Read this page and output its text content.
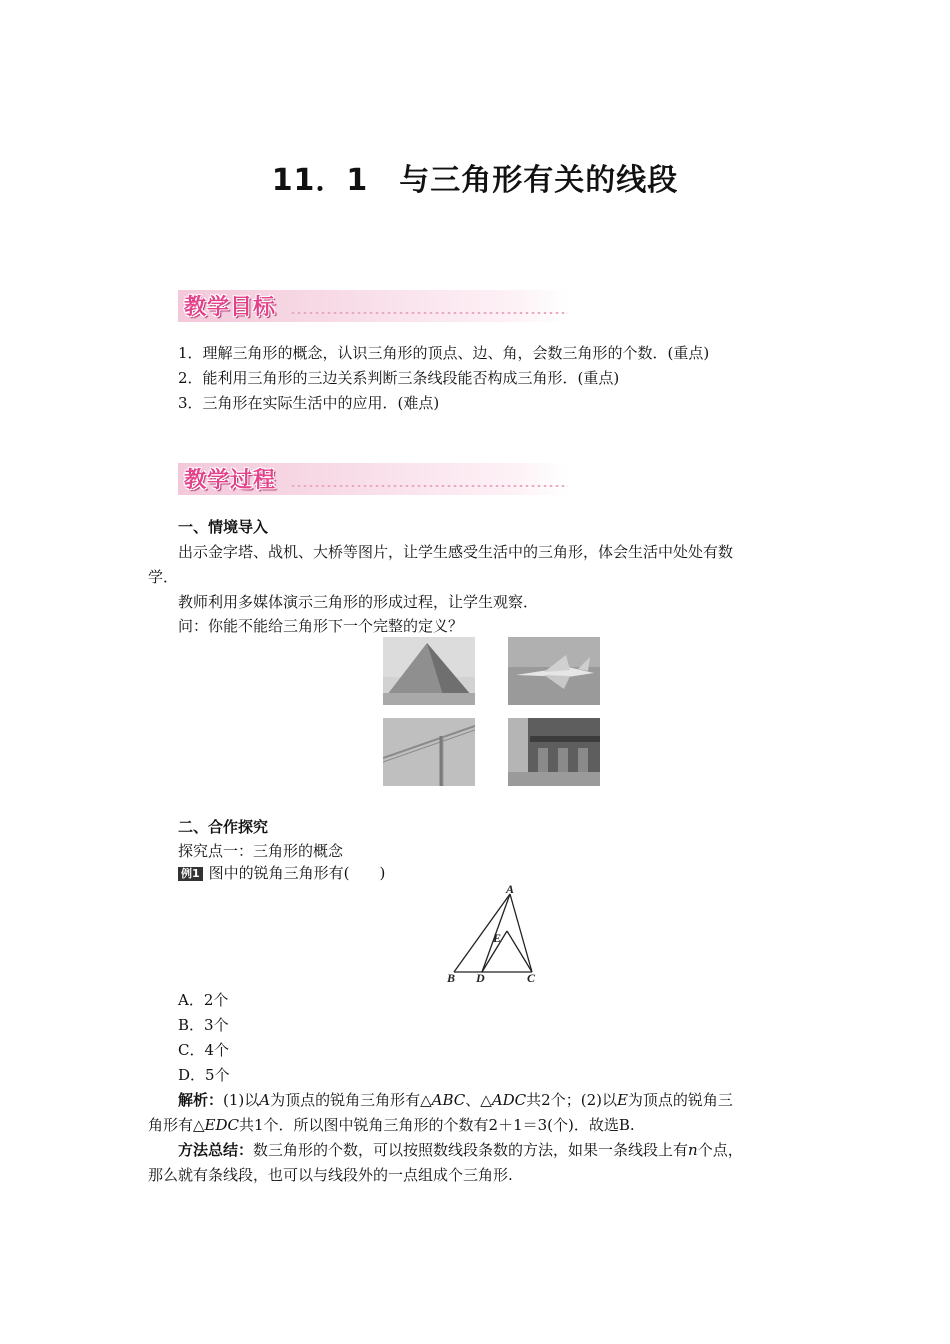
11．1　与三角形有关的线段
教学目标
1．理解三角形的概念，认识三角形的顶点、边、角，会数三角形的个数．(重点)
2．能利用三角形的三边关系判断三条线段能否构成三角形．(重点)
3．三角形在实际生活中的应用．(难点)
教学过程
一、情境导入
出示金字塔、战机、大桥等图片，让学生感受生活中的三角形，体会生活中处处有数
学．
教师利用多媒体演示三角形的形成过程，让学生观察．
问：你能不能给三角形下一个完整的定义？
二、合作探究
探究点一：三角形的概念
例1 图中的锐角三角形有(　　)
A
B D	C
E
A．2个
B．3个
C．4个
D．5个
解析：(1)以A为顶点的锐角三角形有△ABC、△ADC共2个；(2)以E为顶点的锐角三
角形有△EDC共1个．所以图中锐角三角形的个数有2＋1＝3(个)．故选B.
方法总结：数三角形的个数，可以按照数线段条数的方法，如果一条线段上有n个点，
那么就有条线段，也可以与线段外的一点组成个三角形.
